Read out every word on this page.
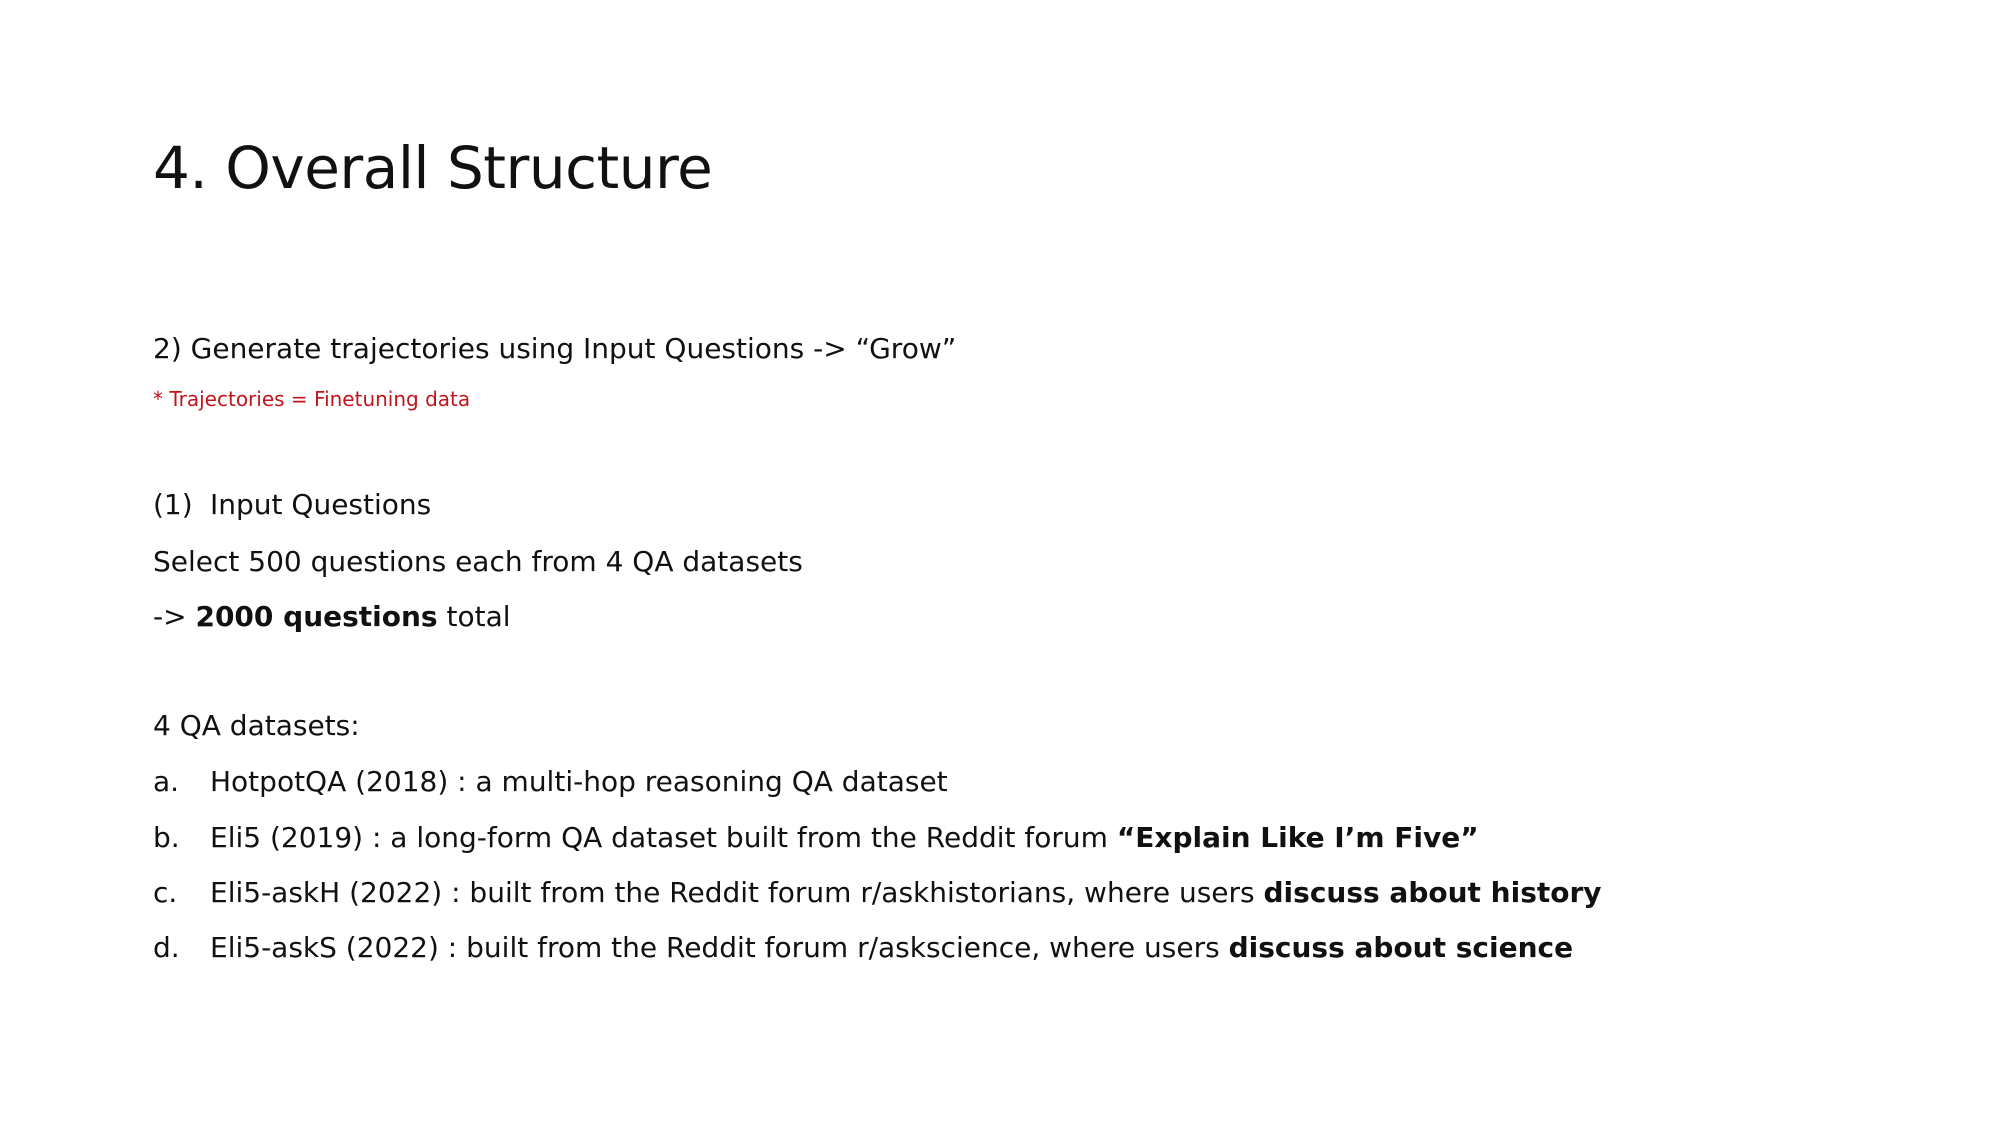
4. Overall Structure
2) Generate trajectories using Input Questions -> “Grow”
* Trajectories = Finetuning data
(1) Input Questions
Select 500 questions each from 4 QA datasets
-> 2000 questions total
4 QA datasets:
a. HotpotQA (2018) : a multi-hop reasoning QA dataset
b. Eli5 (2019) : a long-form QA dataset built from the Reddit forum “Explain Like I’m Five”
c. Eli5-askH (2022) : built from the Reddit forum r/askhistorians, where users discuss about history
d. Eli5-askS (2022) : built from the Reddit forum r/askscience, where users discuss about science
